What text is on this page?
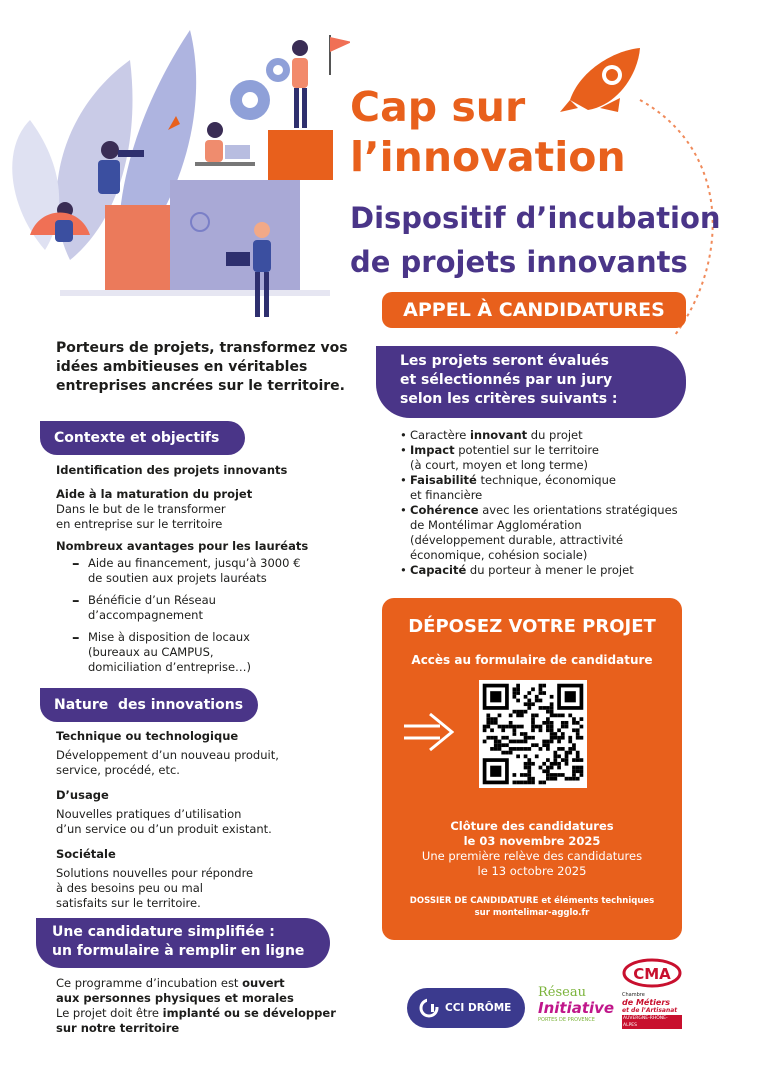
Cap sur
l’innovation
Dispositif d’incubation
de projets innovants
APPEL À CANDIDATURES
Porteurs de projets, transformez vos idées ambitieuses en véritables entreprises ancrées sur le territoire.
Contexte et objectifs
Identification des projets innovants
Aide à la maturation du projet
Dans le but de le transformer
en entreprise sur le territoire
Nombreux avantages pour les lauréats
– Aide au financement, jusqu’à 3000 €
de soutien aux projets lauréats
– Bénéficie d’un Réseau
d’accompagnement
– Mise à disposition de locaux
(bureaux au CAMPUS,
domiciliation d’entreprise…)
Nature  des innovations
Technique ou technologique
Développement d’un nouveau produit,
service, procédé, etc.
D’usage
Nouvelles pratiques d’utilisation
d’un service ou d’un produit existant.
Sociétale
Solutions nouvelles pour répondre
à des besoins peu ou mal
satisfaits sur le territoire.
Une candidature simplifiée :
un formulaire à remplir en ligne
Ce programme d’incubation est ouvert
aux personnes physiques et morales
Le projet doit être implanté ou se développer
sur notre territoire
Les projets seront évalués
et sélectionnés par un jury
selon les critères suivants :
• Caractère innovant du projet
• Impact potentiel sur le territoire
(à court, moyen et long terme)
• Faisabilité technique, économique
et financière
• Cohérence avec les orientations stratégiques
de Montélimar Agglomération
(développement durable, attractivité
économique, cohésion sociale)
• Capacité du porteur à mener le projet
DÉPOSEZ VOTRE PROJET
Accès au formulaire de candidature
Clôture des candidatures
le 03 novembre 2025
Une première relève des candidatures
le 13 octobre 2025
DOSSIER DE CANDIDATURE et éléments techniques
sur montelimar-agglo.fr
CCI DRÔME
Réseau
Initiative
PORTES DE PROVENCE
CMA
Chambre
de Métiers
et de l’Artisanat
AUVERGNE-RHÔNE-ALPES
